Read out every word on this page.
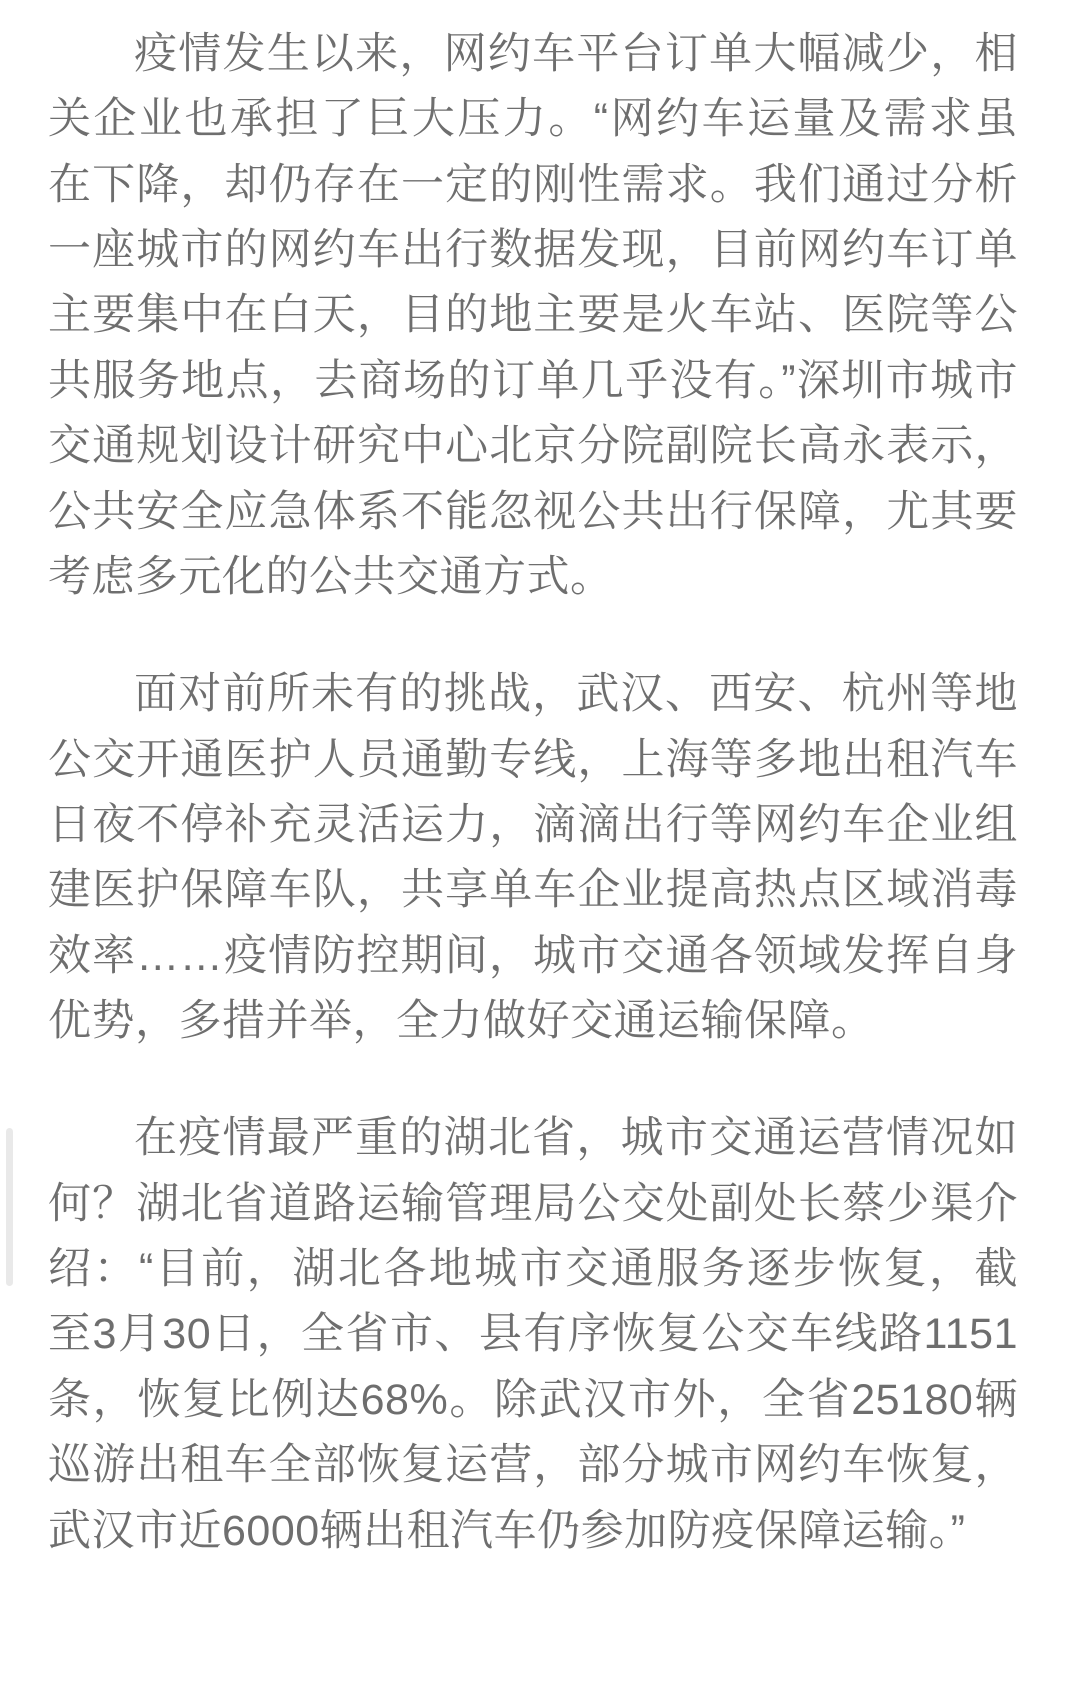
疫情发生以来，网约车平台订单大幅减少，相关企业也承担了巨大压力。“网约车运量及需求虽在下降，却仍存在一定的刚性需求。我们通过分析一座城市的网约车出行数据发现，目前网约车订单主要集中在白天，目的地主要是火车站、医院等公共服务地点，去商场的订单几乎没有。”深圳市城市交通规划设计研究中心北京分院副院长高永表示，公共安全应急体系不能忽视公共出行保障，尤其要考虑多元化的公共交通方式。

面对前所未有的挑战，武汉、西安、杭州等地公交开通医护人员通勤专线，上海等多地出租汽车日夜不停补充灵活运力，滴滴出行等网约车企业组建医护保障车队，共享单车企业提高热点区域消毒效率……疫情防控期间，城市交通各领域发挥自身优势，多措并举，全力做好交通运输保障。

在疫情最严重的湖北省，城市交通运营情况如何？湖北省道路运输管理局公交处副处长蔡少渠介绍：“目前，湖北各地城市交通服务逐步恢复，截至3月30日，全省市、县有序恢复公交车线路1151条，恢复比例达68%。除武汉市外，全省25180辆巡游出租车全部恢复运营，部分城市网约车恢复，武汉市近6000辆出租汽车仍参加防疫保障运输。”
